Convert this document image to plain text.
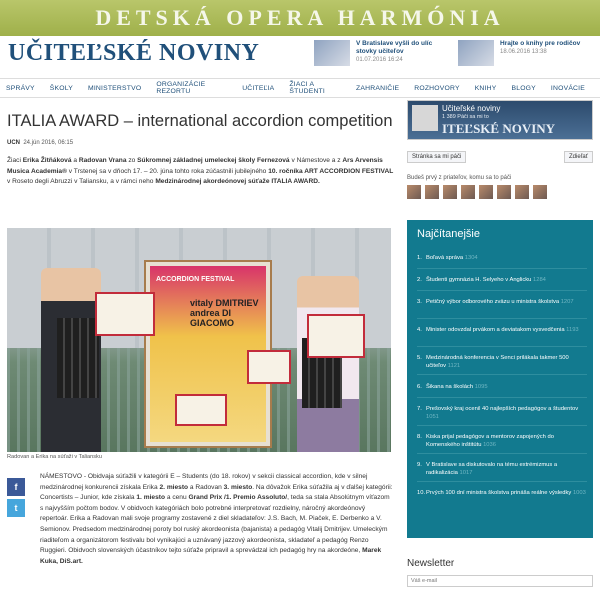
DETSKÁ OPERA HARMÓNIA
UČITEĽSKÉ NOVINY	V Bratislave vyšli do ulíc stovky učiteľov
01.07.2016 16:24
Hrajte o knihy pre rodičov
18.06.2016 13:38
SPRÁVY ŠKOLY MINISTERSTVO ORGANIZÁCIE REZORTU	UČITEĽIA ŽIACI A ŠTUDENTI	ZAHRANIČIE ROZHOVORY KNIHY BLOGY INOVÁCIE
ITALIA AWARD – international accordion competition
UCN 24.jún 2016, 06:15

Žiaci Erika Žitňáková a Radovan Vrana zo Súkromnej základnej umeleckej školy Fernezová v Námestove a z Ars Arvensis Musica Academia® v Trstenej sa v dňoch 17. – 20. júna tohto roka zúčastnili jubilejného 10. ročníka ART ACCORDION FESTIVAL v Roseto degli Abruzzi v Taliansku, a v rámci neho Medzinárodnej akordeónovej súťaže ITALIA AWARD.

ACCORDION FESTIVAL
vitaly DMITRIEV andrea DI GIACOMO
Radovan a Erika na súťaži v Taliansku
f
t

NÁMESTOVO - Obidvaja súťažili v kategórii E – Students (do 18. rokov) v sekcii classical accordion, kde v silnej medzinárodnej konkurencii získala Erika 2. miesto a Radovan 3. miesto. Na dôvažok Erika súťažila aj v ďalšej kategórii: Concertists – Junior, kde získala 1. miesto a cenu Grand Prix /1. Premio Assoluto/, teda sa stala Absolútnym víťazom s najvyšším počtom bodov. V obidvoch kategóriách bolo potrebné interpretovať rozdielny, náročný akordeónový repertoár. Erika a Radovan mali svoje programy zostavené z diel skladateľov: J.S. Bach, M. Piaček, E. Derbenko a V. Semionov. Predsedom medzinárodnej poroty bol ruský akordeonista (bajanista) a pedagóg Vitalij Dmitrijev. Umeleckým riaditeľom a organizátorom festivalu bol vynikajúci a uznávaný jazzový akordeonista, skladateľ a pedagóg Renzo Ruggieri. Obidvoch slovenských účastníkov tejto súťaže pripravil a sprevádzal ich pedagóg hry na akordeóne, Marek Kuka, DiS.art.

Učiteľské noviny
1 389 Páči sa mi to
ITEĽSKÉ NOVINY
Stránka sa mi páči	Zdieľať
Budeš prvý z priateľov, komu sa to páči
Najčítanejšie
1. Boľavá správa 1304
2. Študenti gymnázia H. Selyeho v Anglicku 1284
3. Petičný výbor odborového zväzu u ministra školstva 1207
4. Minister odovzdal prvákom a deviatakom vysvedčenia 1193
5. Medzinárodná konferencia v Senci prilákala takmer 500 učiteľov 1121
6. Šikana na školách 1095
7. Prešovský kraj ocenil 40 najlepších pedagógov a študentov 1051
8. Kiska prijal pedagógov a mentorov zapojených do Komenského inštitútu 1036
9. V Bratislave sa diskutovalo na tému extrémizmus a radikalizácia 1017
10. Prvých 100 dní ministra školstva prináša reálne výsledky 1003
Newsletter
Váš e-mail
